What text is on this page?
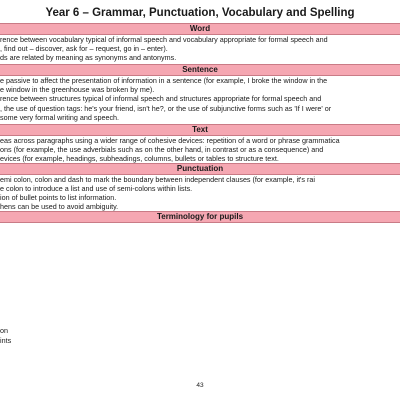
Year 6 – Grammar, Punctuation, Vocabulary and Spelling
Word
rence between vocabulary typical of informal speech and vocabulary appropriate for formal speech and
, find out – discover, ask for – request, go in – enter).
ds are related by meaning as synonyms and antonyms.
Sentence
e passive to affect the presentation of information in a sentence (for example, I broke the window in the
e window in the greenhouse was broken by me).
rence between structures typical of informal speech and structures appropriate for formal speech and
, the use of question tags: he's your friend, isn't he?, or the use of subjunctive forms such as 'If I were' or
some very formal writing and speech.
Text
eas across paragraphs using a wider range of cohesive devices: repetition of a word or phrase grammatica
ons (for example, the use adverbials such as on the other hand, in contrast or as a consequence) and
evices (for example, headings, subheadings, columns, bullets or tables to structure text.
Punctuation
emi colon, colon and dash to mark the boundary between independent clauses (for example, it's rai
e colon to introduce a list and use of semi-colons within lists.
ion of bullet points to list information.
hens can be used to avoid ambiguity.
Terminology for pupils
on
ints
43
